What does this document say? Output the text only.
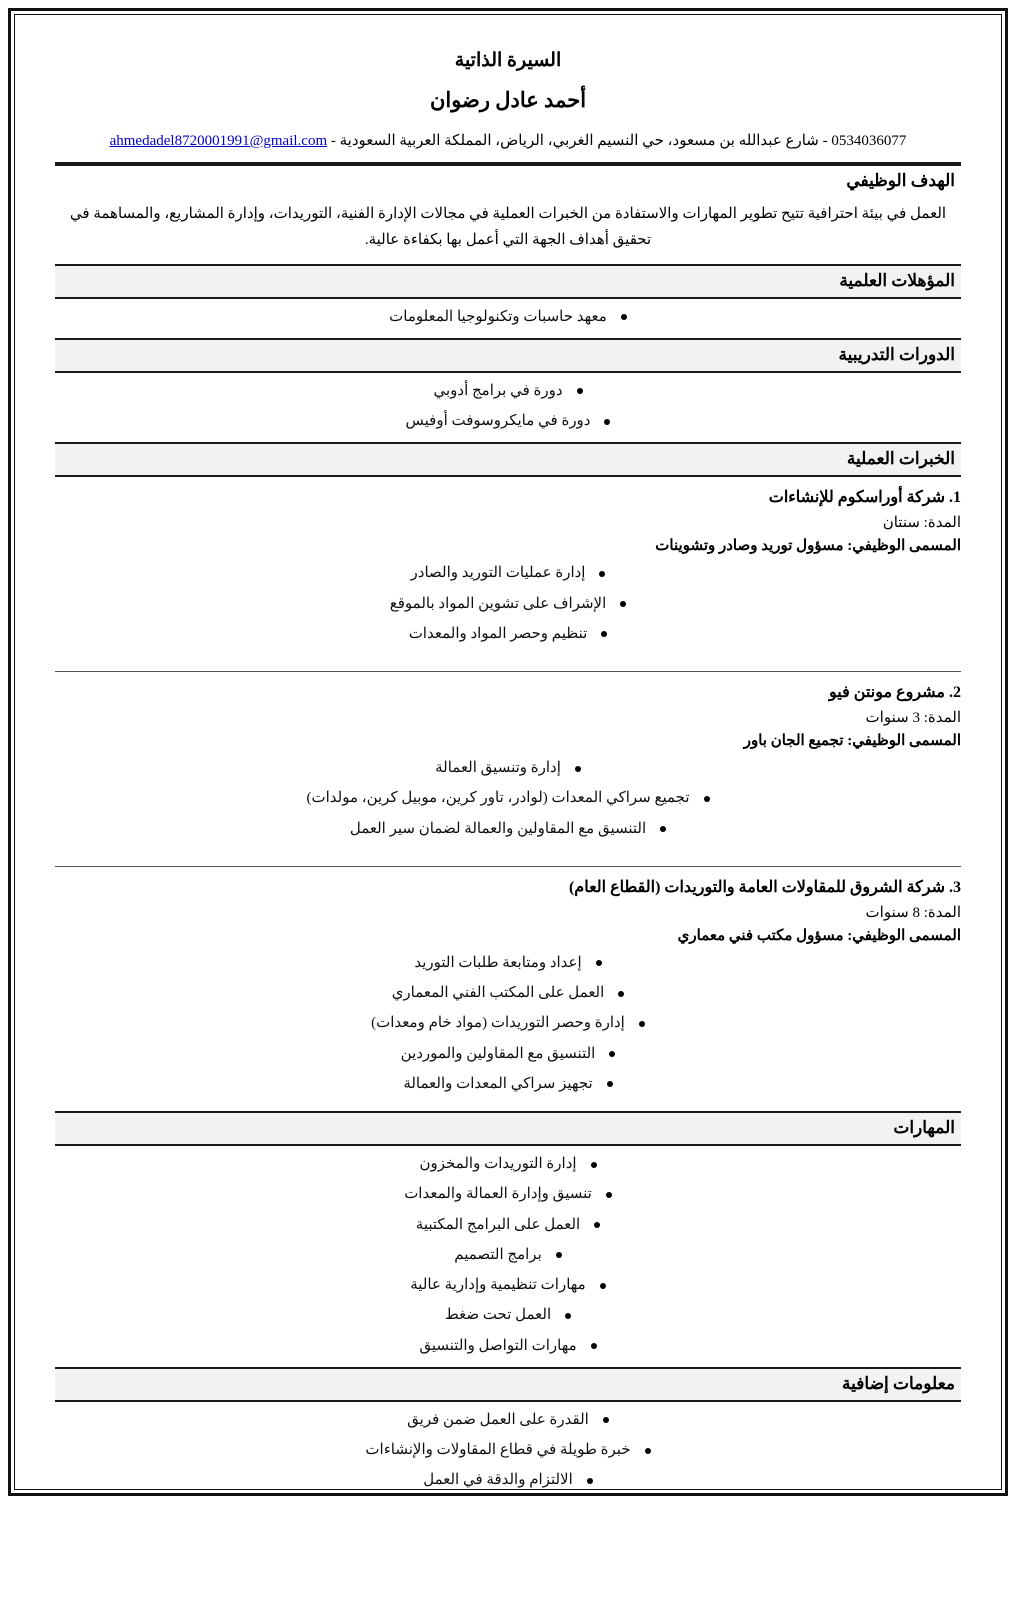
السيرة الذاتية
أحمد عادل رضوان
0534036077 - شارع عبدالله بن مسعود، حي النسيم الغربي، الرياض، المملكة العربية السعودية - ahmedadel8720001991@gmail.com
الهدف الوظيفي

العمل في بيئة احترافية تتيح تطوير المهارات والاستفادة من الخبرات العملية في مجالات الإدارة الفنية، التوريدات، وإدارة المشاريع، والمساهمة في تحقيق أهداف الجهة التي أعمل بها بكفاءة عالية.

المؤهلات العلمية
معهد حاسبات وتكنولوجيا المعلومات
الدورات التدريبية
دورة في برامج أدوبي
دورة في مايكروسوفت أوفيس
الخبرات العملية
1. شركة أوراسكوم للإنشاءات
المدة: سنتان
المسمى الوظيفي: مسؤول توريد وصادر وتشوينات
إدارة عمليات التوريد والصادر
الإشراف على تشوين المواد بالموقع
تنظيم وحصر المواد والمعدات
2. مشروع مونتن فيو
المدة: 3 سنوات
المسمى الوظيفي: تجميع الجان باور
إدارة وتنسيق العمالة
تجميع سراكي المعدات (لوادر، تاور كرين، موبيل كرين، مولدات)
التنسيق مع المقاولين والعمالة لضمان سير العمل
3. شركة الشروق للمقاولات العامة والتوريدات (القطاع العام)
المدة: 8 سنوات
المسمى الوظيفي: مسؤول مكتب فني معماري
إعداد ومتابعة طلبات التوريد
العمل على المكتب الفني المعماري
إدارة وحصر التوريدات (مواد خام ومعدات)
التنسيق مع المقاولين والموردين
تجهيز سراكي المعدات والعمالة
المهارات
إدارة التوريدات والمخزون
تنسيق وإدارة العمالة والمعدات
العمل على البرامج المكتبية
برامج التصميم
مهارات تنظيمية وإدارية عالية
العمل تحت ضغط
مهارات التواصل والتنسيق
معلومات إضافية
القدرة على العمل ضمن فريق
خبرة طويلة في قطاع المقاولات والإنشاءات
الالتزام والدقة في العمل
